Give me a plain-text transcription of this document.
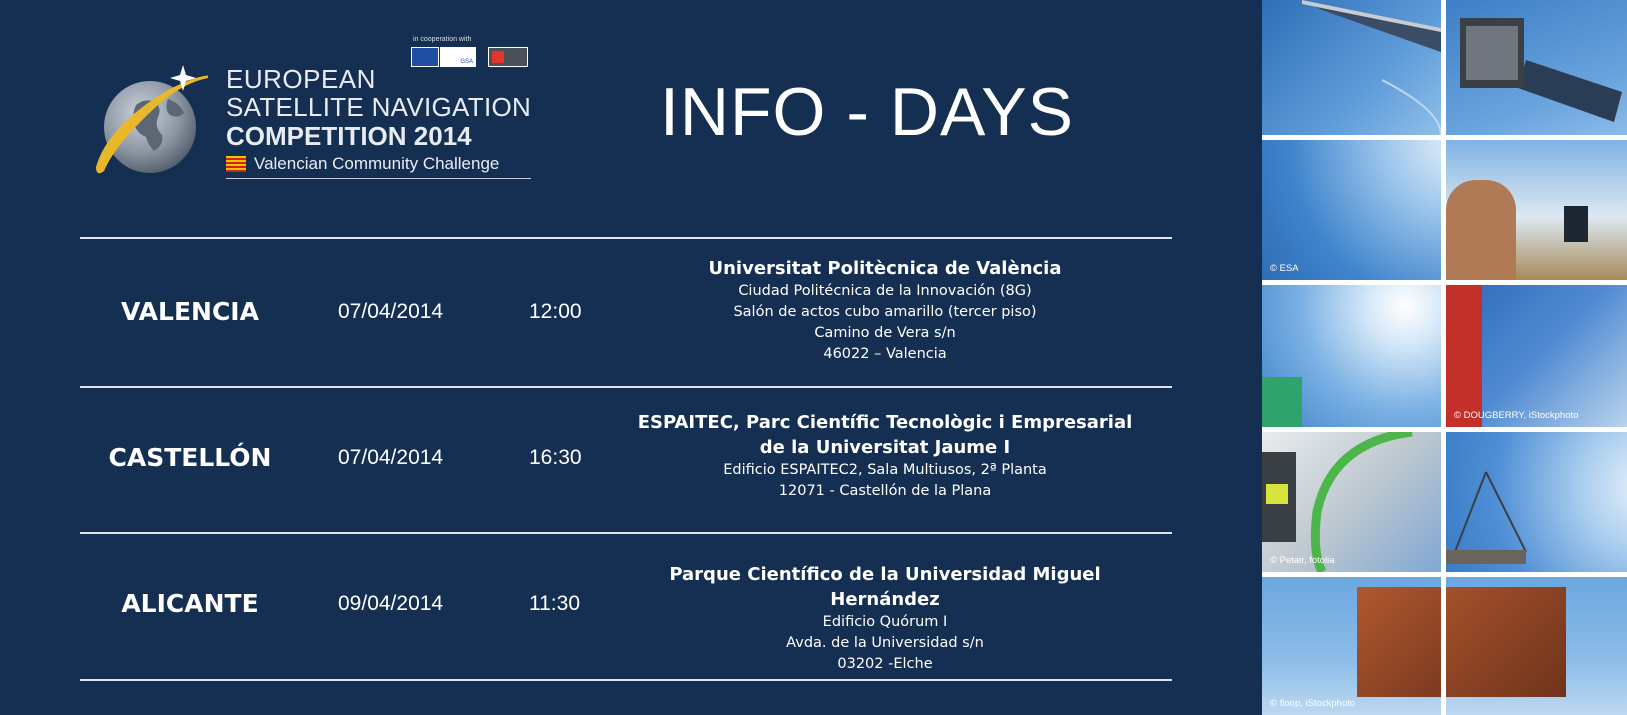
in cooperation with
GSA
EUROPEAN
SATELLITE NAVIGATION
COMPETITION 2014
Valencian Community Challenge
INFO - DAYS
VALENCIA	07/04/2014	12:00
Universitat Politècnica de València
Ciudad Politécnica de la Innovación (8G)
Salón de actos cubo amarillo (tercer piso)
Camino de Vera s/n
46022 – Valencia
CASTELLÓN	07/04/2014	16:30
ESPAITEC, Parc Científic Tecnològic i Empresarial
de la Universitat Jaume I
Edificio ESPAITEC2, Sala Multiusos, 2ª Planta
12071 - Castellón de la Plana
ALICANTE	09/04/2014	11:30
Parque Científico de la Universidad Miguel Hernández
Edificio Quórum I
Avda. de la Universidad s/n
03202 -Elche
© ESA
© Petair, fotolia
© floop, iStockphoto
© DOUGBERRY, iStockphoto
